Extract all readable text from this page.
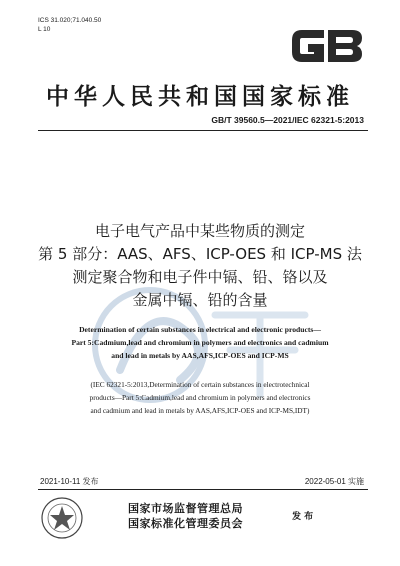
ICS 31.020;71.040.50
L 10
中华人民共和国国家标准
GB/T 39560.5—2021/IEC 62321-5:2013
电子电气产品中某些物质的测定
第 5 部分：AAS、AFS、ICP-OES 和 ICP-MS 法
测定聚合物和电子件中镉、铅、铬以及
金属中镉、铅的含量
Determination of certain substances in electrical and electronic products—
Part 5:Cadmium,lead and chromium in polymers and electronics and cadmium
and lead in metals by AAS,AFS,ICP-OES and ICP-MS
(IEC 62321-5:2013,Determination of certain substances in electrotechnical
products—Part 5:Cadmium,lead and chromium in polymers and electronics
and cadmium and lead in metals by AAS,AFS,ICP-OES and ICP-MS,IDT)
2021-10-11 发布	2022-05-01 实施
国家市场监督管理总局
国家标准化管理委员会	发 布
